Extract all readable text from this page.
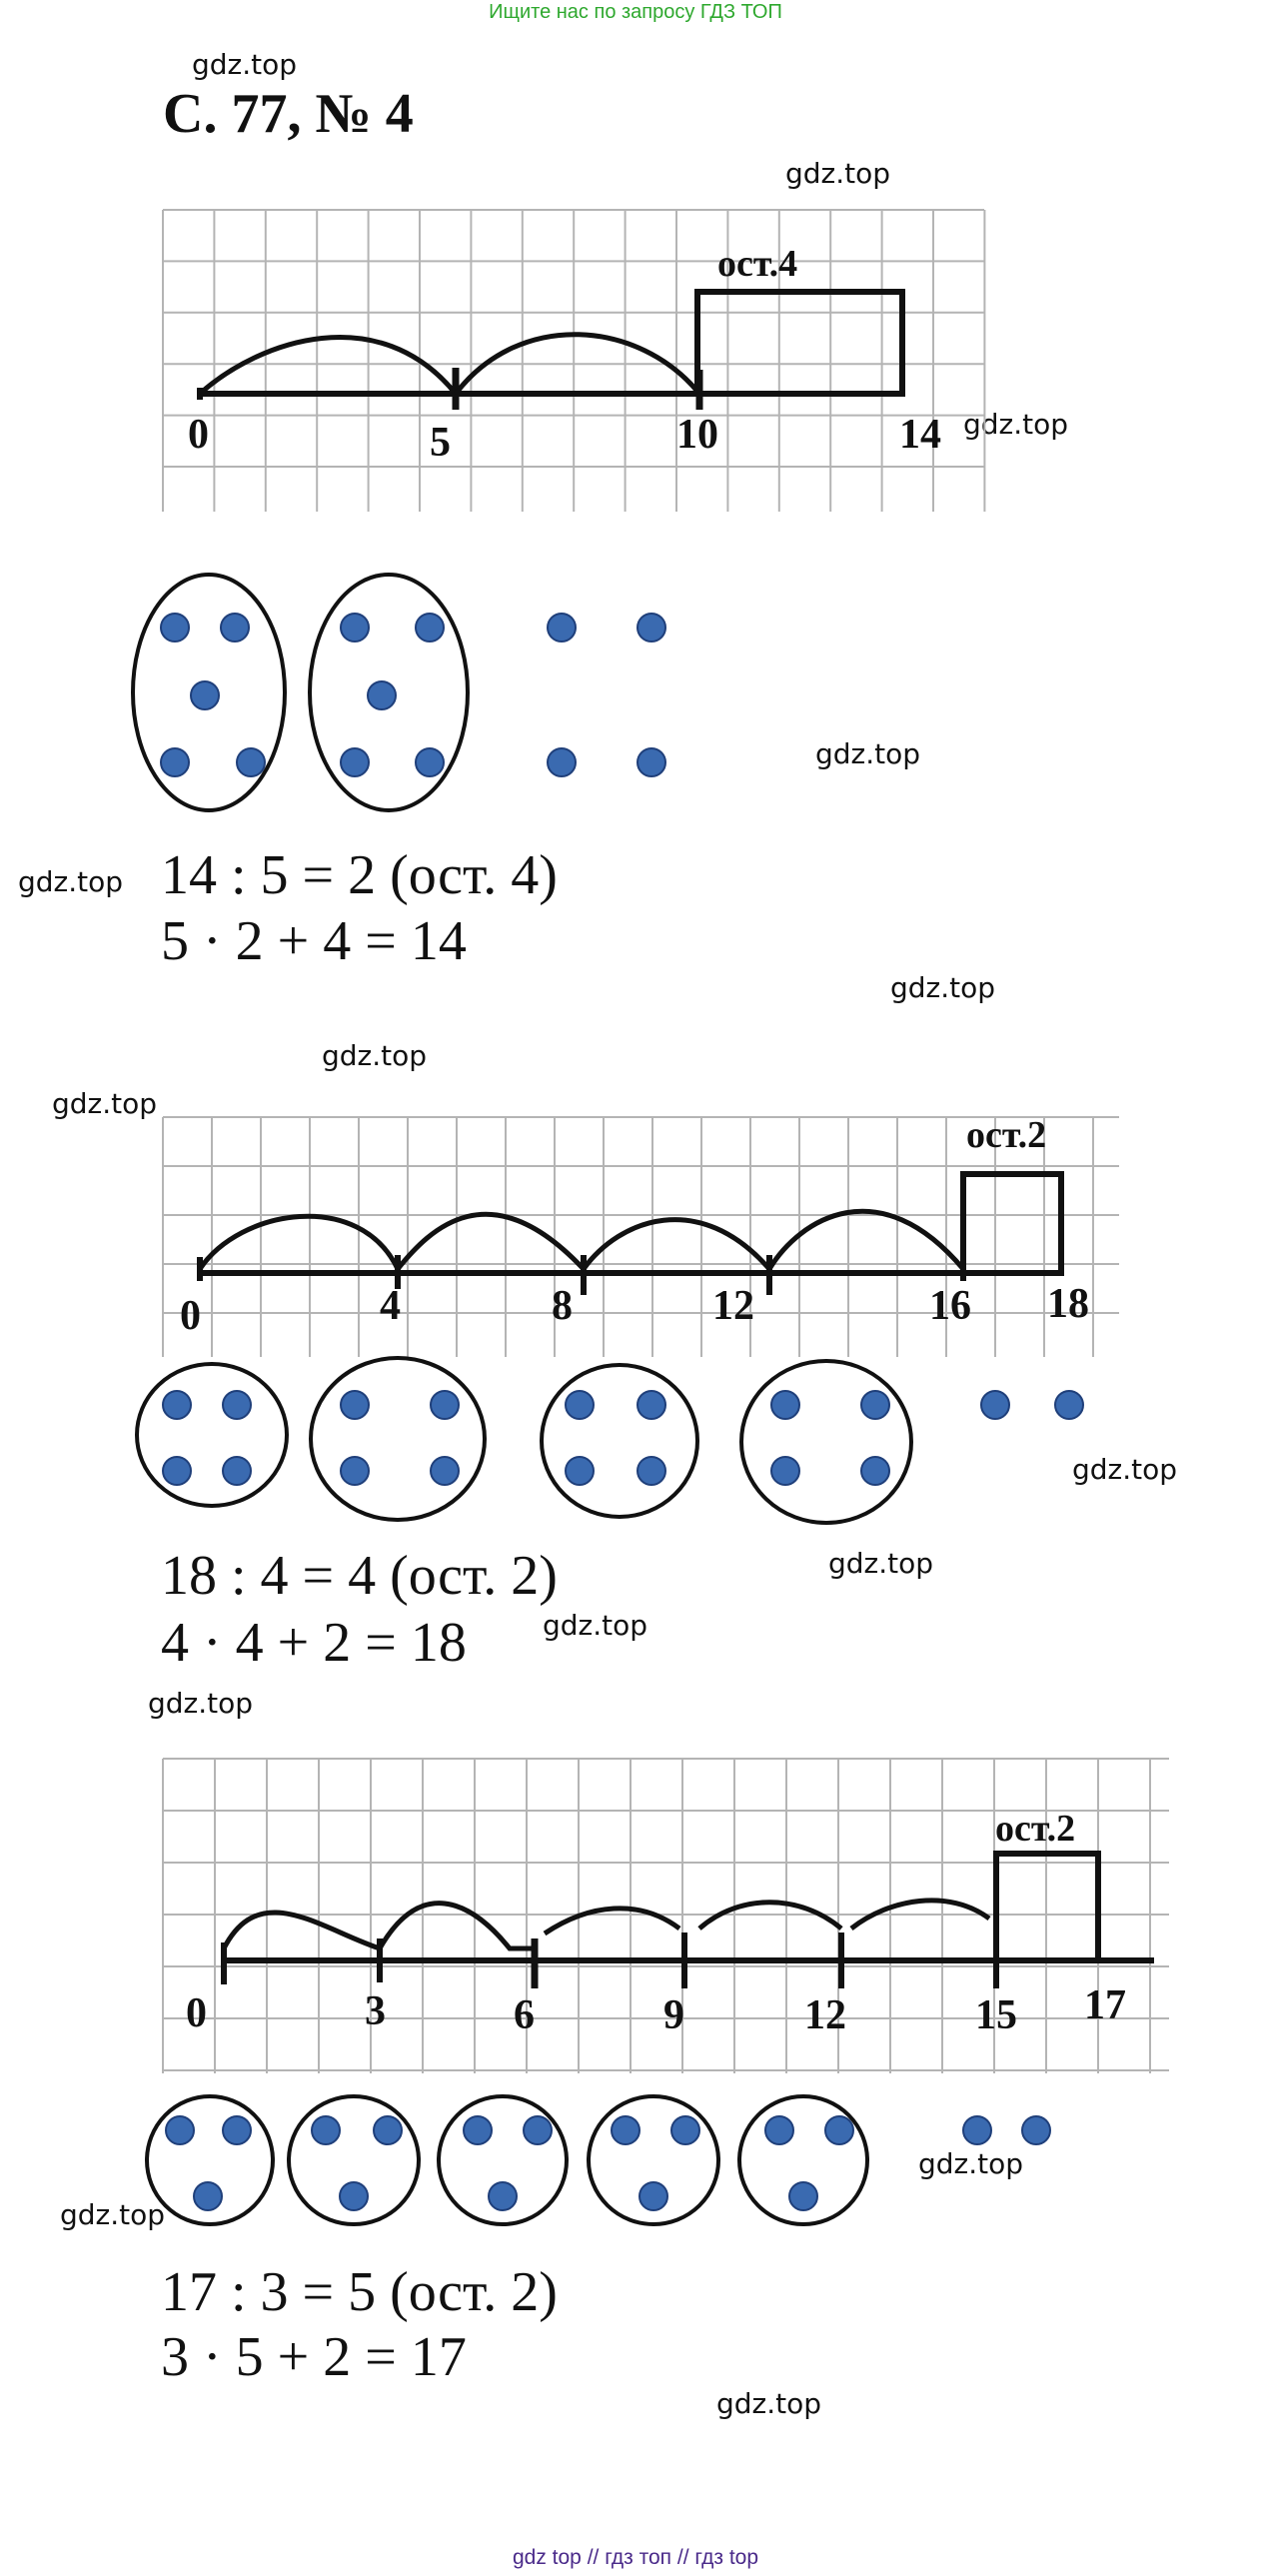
Ищите нас по запросу ГДЗ ТОП
С. 77, № 4
gdz.top
gdz.top
gdz.top
gdz.top
gdz.top
gdz.top
gdz.top
gdz.top
gdz.top
gdz.top
gdz.top
gdz.top
gdz.top
gdz.top
gdz.top
14 : 5 = 2 (ост. 4)
5 · 2 + 4 = 14
18 : 4 = 4 (ост. 2)
4 · 4 + 2 = 18
17 : 3 = 5 (ост. 2)
3 · 5 + 2 = 17
ост.4
0	5	10	14
ост.2
0	4	8	12	16 18
ост.2
0	3	6	9	12	15 17
gdz top // гдз топ // гдз top
